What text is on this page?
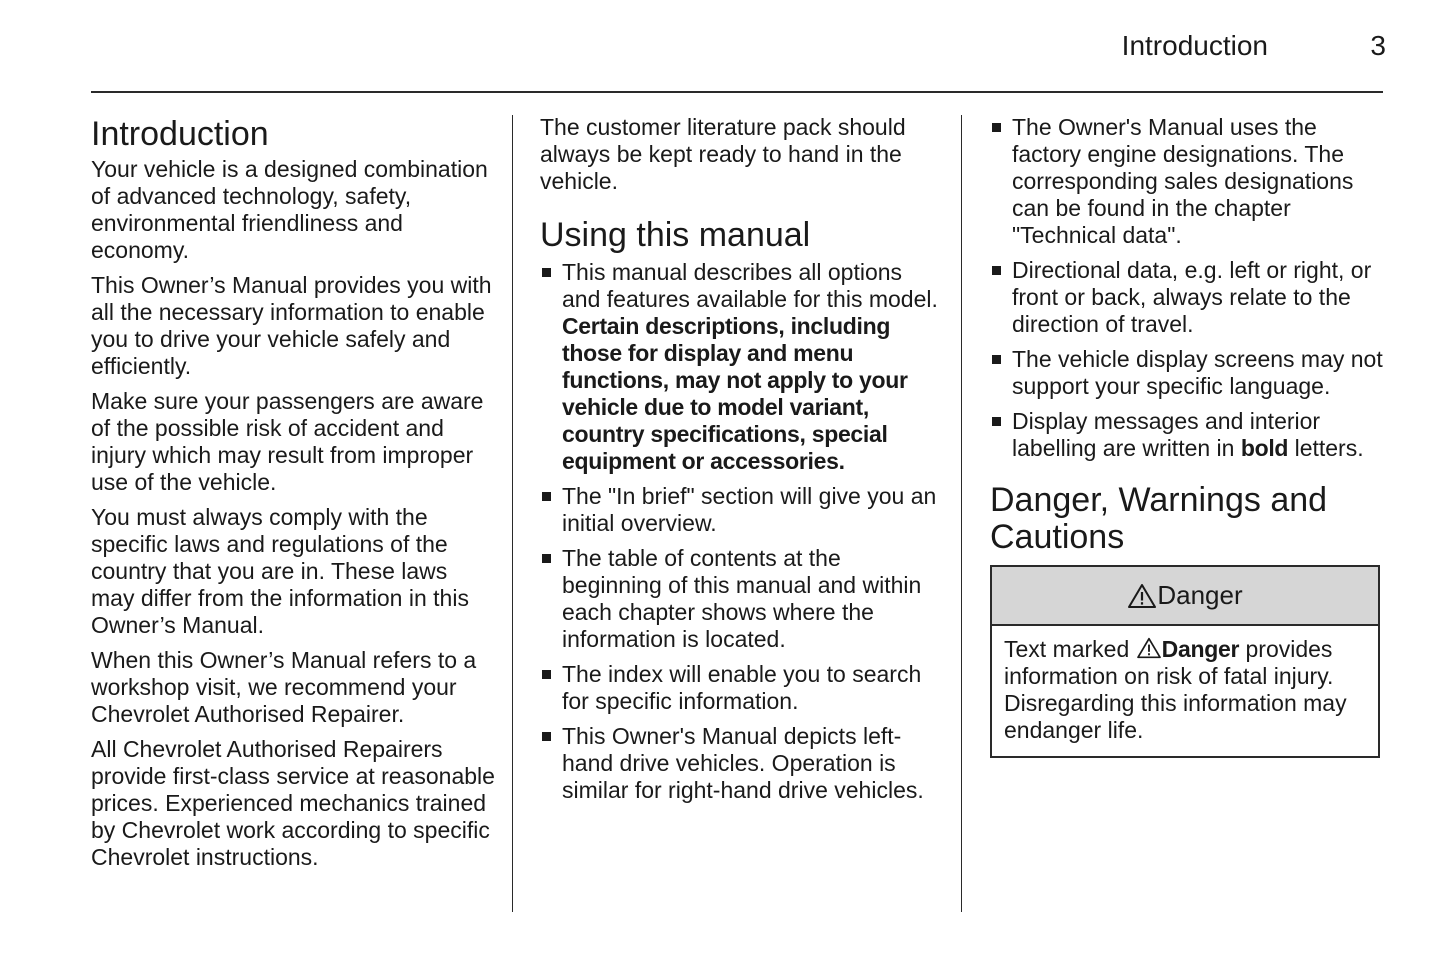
Introduction	3
Introduction

Your vehicle is a designed combination of advanced technology, safety, environmental friendliness and economy.

This Owner’s Manual provides you with all the necessary information to enable you to drive your vehicle safely and efficiently.

Make sure your passengers are aware of the possible risk of accident and injury which may result from improper use of the vehicle.

You must always comply with the specific laws and regulations of the country that you are in. These laws may differ from the information in this Owner’s Manual.

When this Owner’s Manual refers to a workshop visit, we recommend your Chevrolet Authorised Repairer.

All Chevrolet Authorised Repairers provide first-class service at reasonable prices. Experienced mechanics trained by Chevrolet work according to specific Chevrolet instructions.

The customer literature pack should always be kept ready to hand in the vehicle.

Using this manual
This manual describes all options and features available for this model. Certain descriptions, including those for display and menu functions, may not apply to your vehicle due to model variant, country specifications, special equipment or accessories.
The "In brief" section will give you an initial overview.
The table of contents at the beginning of this manual and within each chapter shows where the information is located.
The index will enable you to search for specific information.
This Owner's Manual depicts left-hand drive vehicles. Operation is similar for right-hand drive vehicles.
The Owner's Manual uses the factory engine designations. The corresponding sales designations can be found in the chapter "Technical data".
Directional data, e.g. left or right, or front or back, always relate to the direction of travel.
The vehicle display screens may not support your specific language.
Display messages and interior labelling are written in bold letters.
Danger, Warnings and Cautions
Danger
Text marked
Danger provides information on risk of fatal injury. Disregarding this information may endanger life.
